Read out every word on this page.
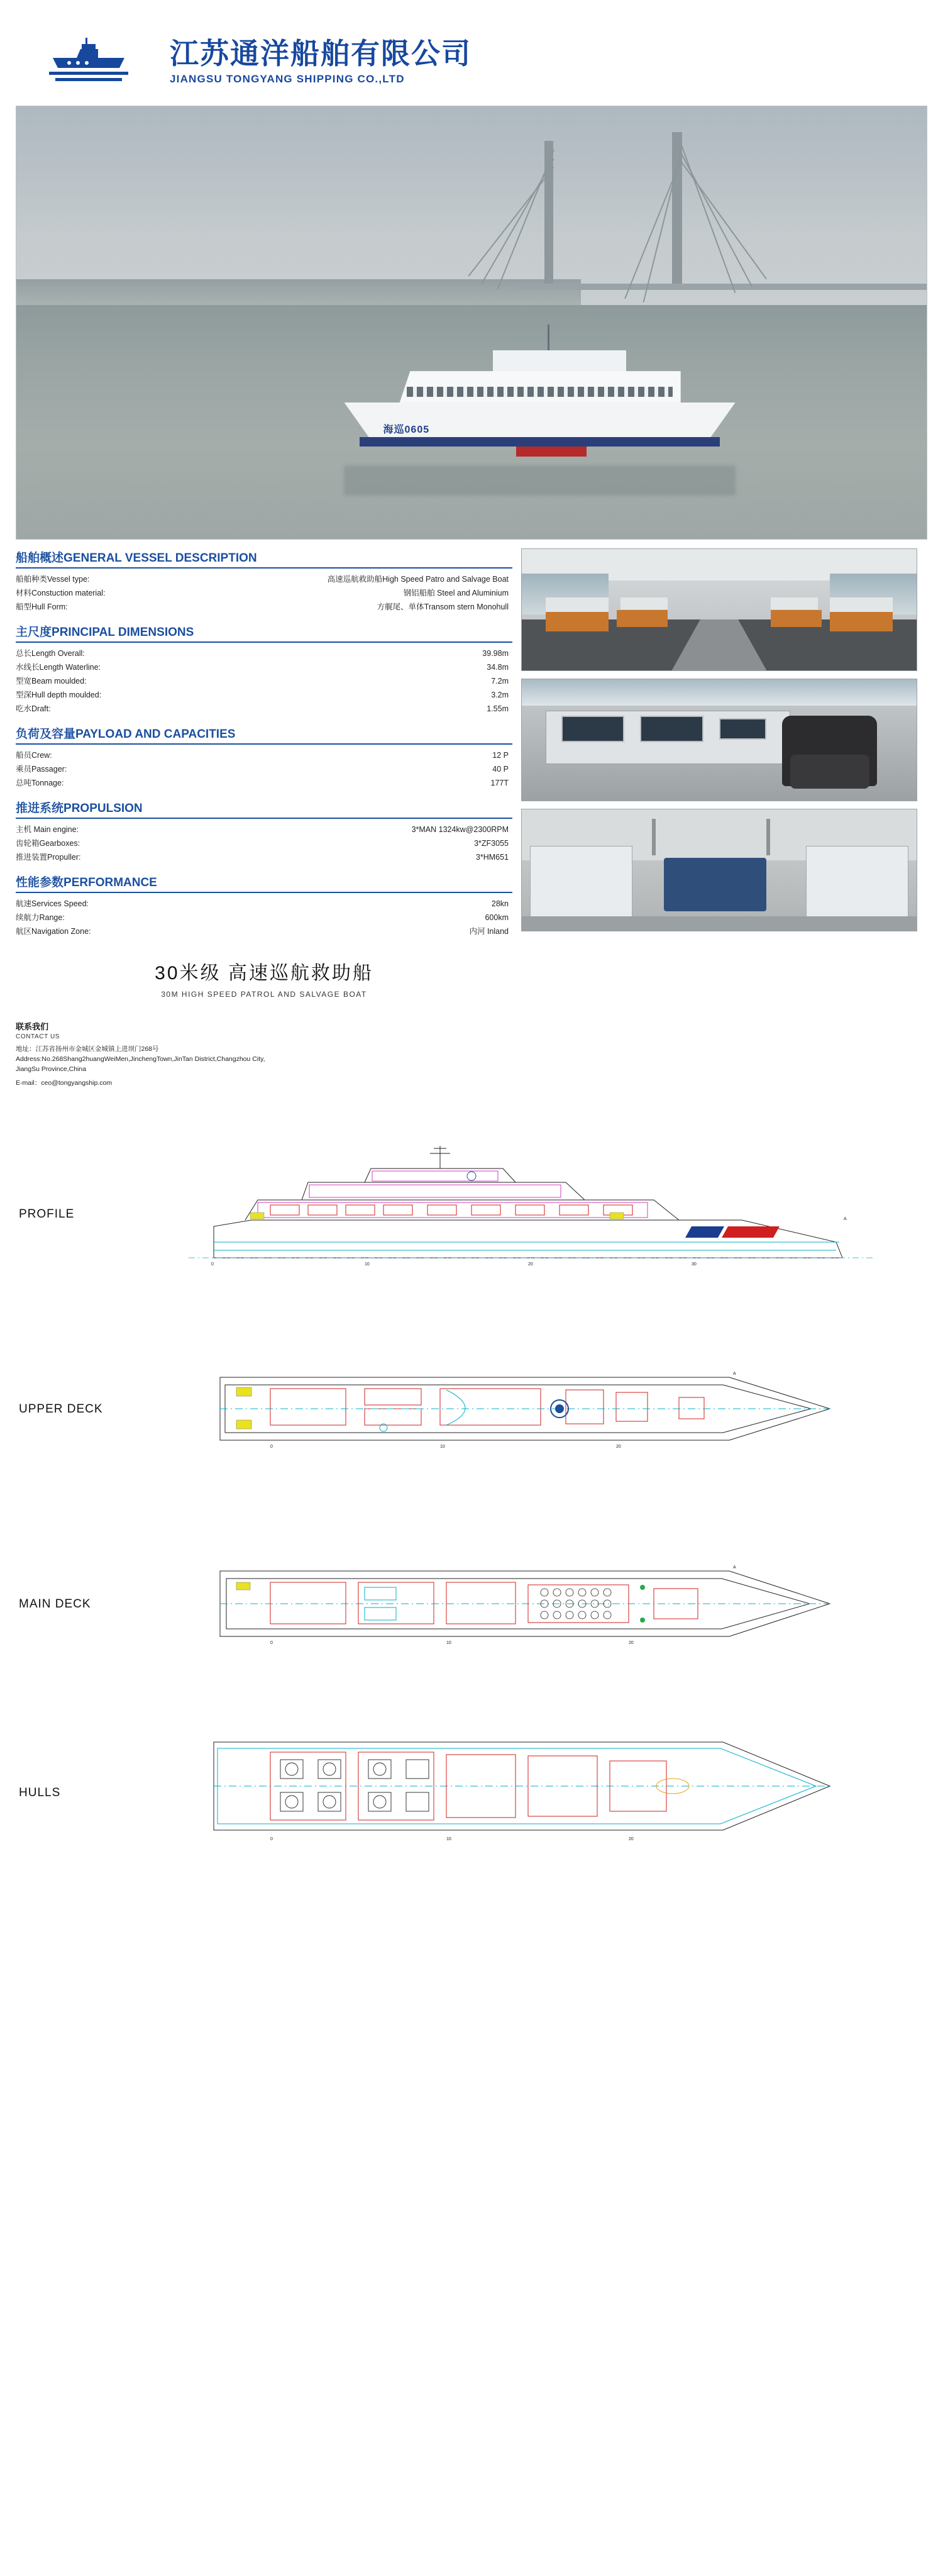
江苏通洋船舶有限公司
JIANGSU TONGYANG SHIPPING CO.,LTD
海巡0605
船舶概述GENERAL VESSEL DESCRIPTION
船舶种类Vessel type:	高速巡航救助船High Speed Patro and Salvage Boat
材料Constuction material:	钢铝船舶 Steel and Aluminium
船型Hull Form:	方艉尾、单体Transom stern Monohull
主尺度PRINCIPAL DIMENSIONS
总长Length Overall:	39.98m
水线长Length Waterline:	34.8m
型宽Beam moulded:	7.2m
型深Hull depth moulded:	3.2m
吃水Draft:	1.55m
负荷及容量PAYLOAD AND CAPACITIES
船员Crew:	12 P
乘员Passager:	40 P
总吨Tonnage:	177T
推进系统PROPULSION
主机 Main engine:	3*MAN 1324kw@2300RPM
齿轮箱Gearboxes:	3*ZF3055
推进装置Propuller:	3*HM651
性能参数PERFORMANCE
航速Services Speed:	28kn
续航力Range:	600km
航区Navigation Zone:	内河 Inland
30米级 高速巡航救助船
30M HIGH SPEED PATROL AND SALVAGE BOAT
联系我们
CONTACT US
地址：江苏省扬州市金城区金城镇上进坝门268号
Address:No.268Shang2huangWeiMen,JinchengTown,JinTan District,Changzhou City,
JiangSu Province,China
E-mail：ceo@tongyangship.com
PROFILE	A
0	10	20	30
UPPER DECK
A
0	10	20
MAIN DECK
A
0	10	20
HULLS
0	10	20
